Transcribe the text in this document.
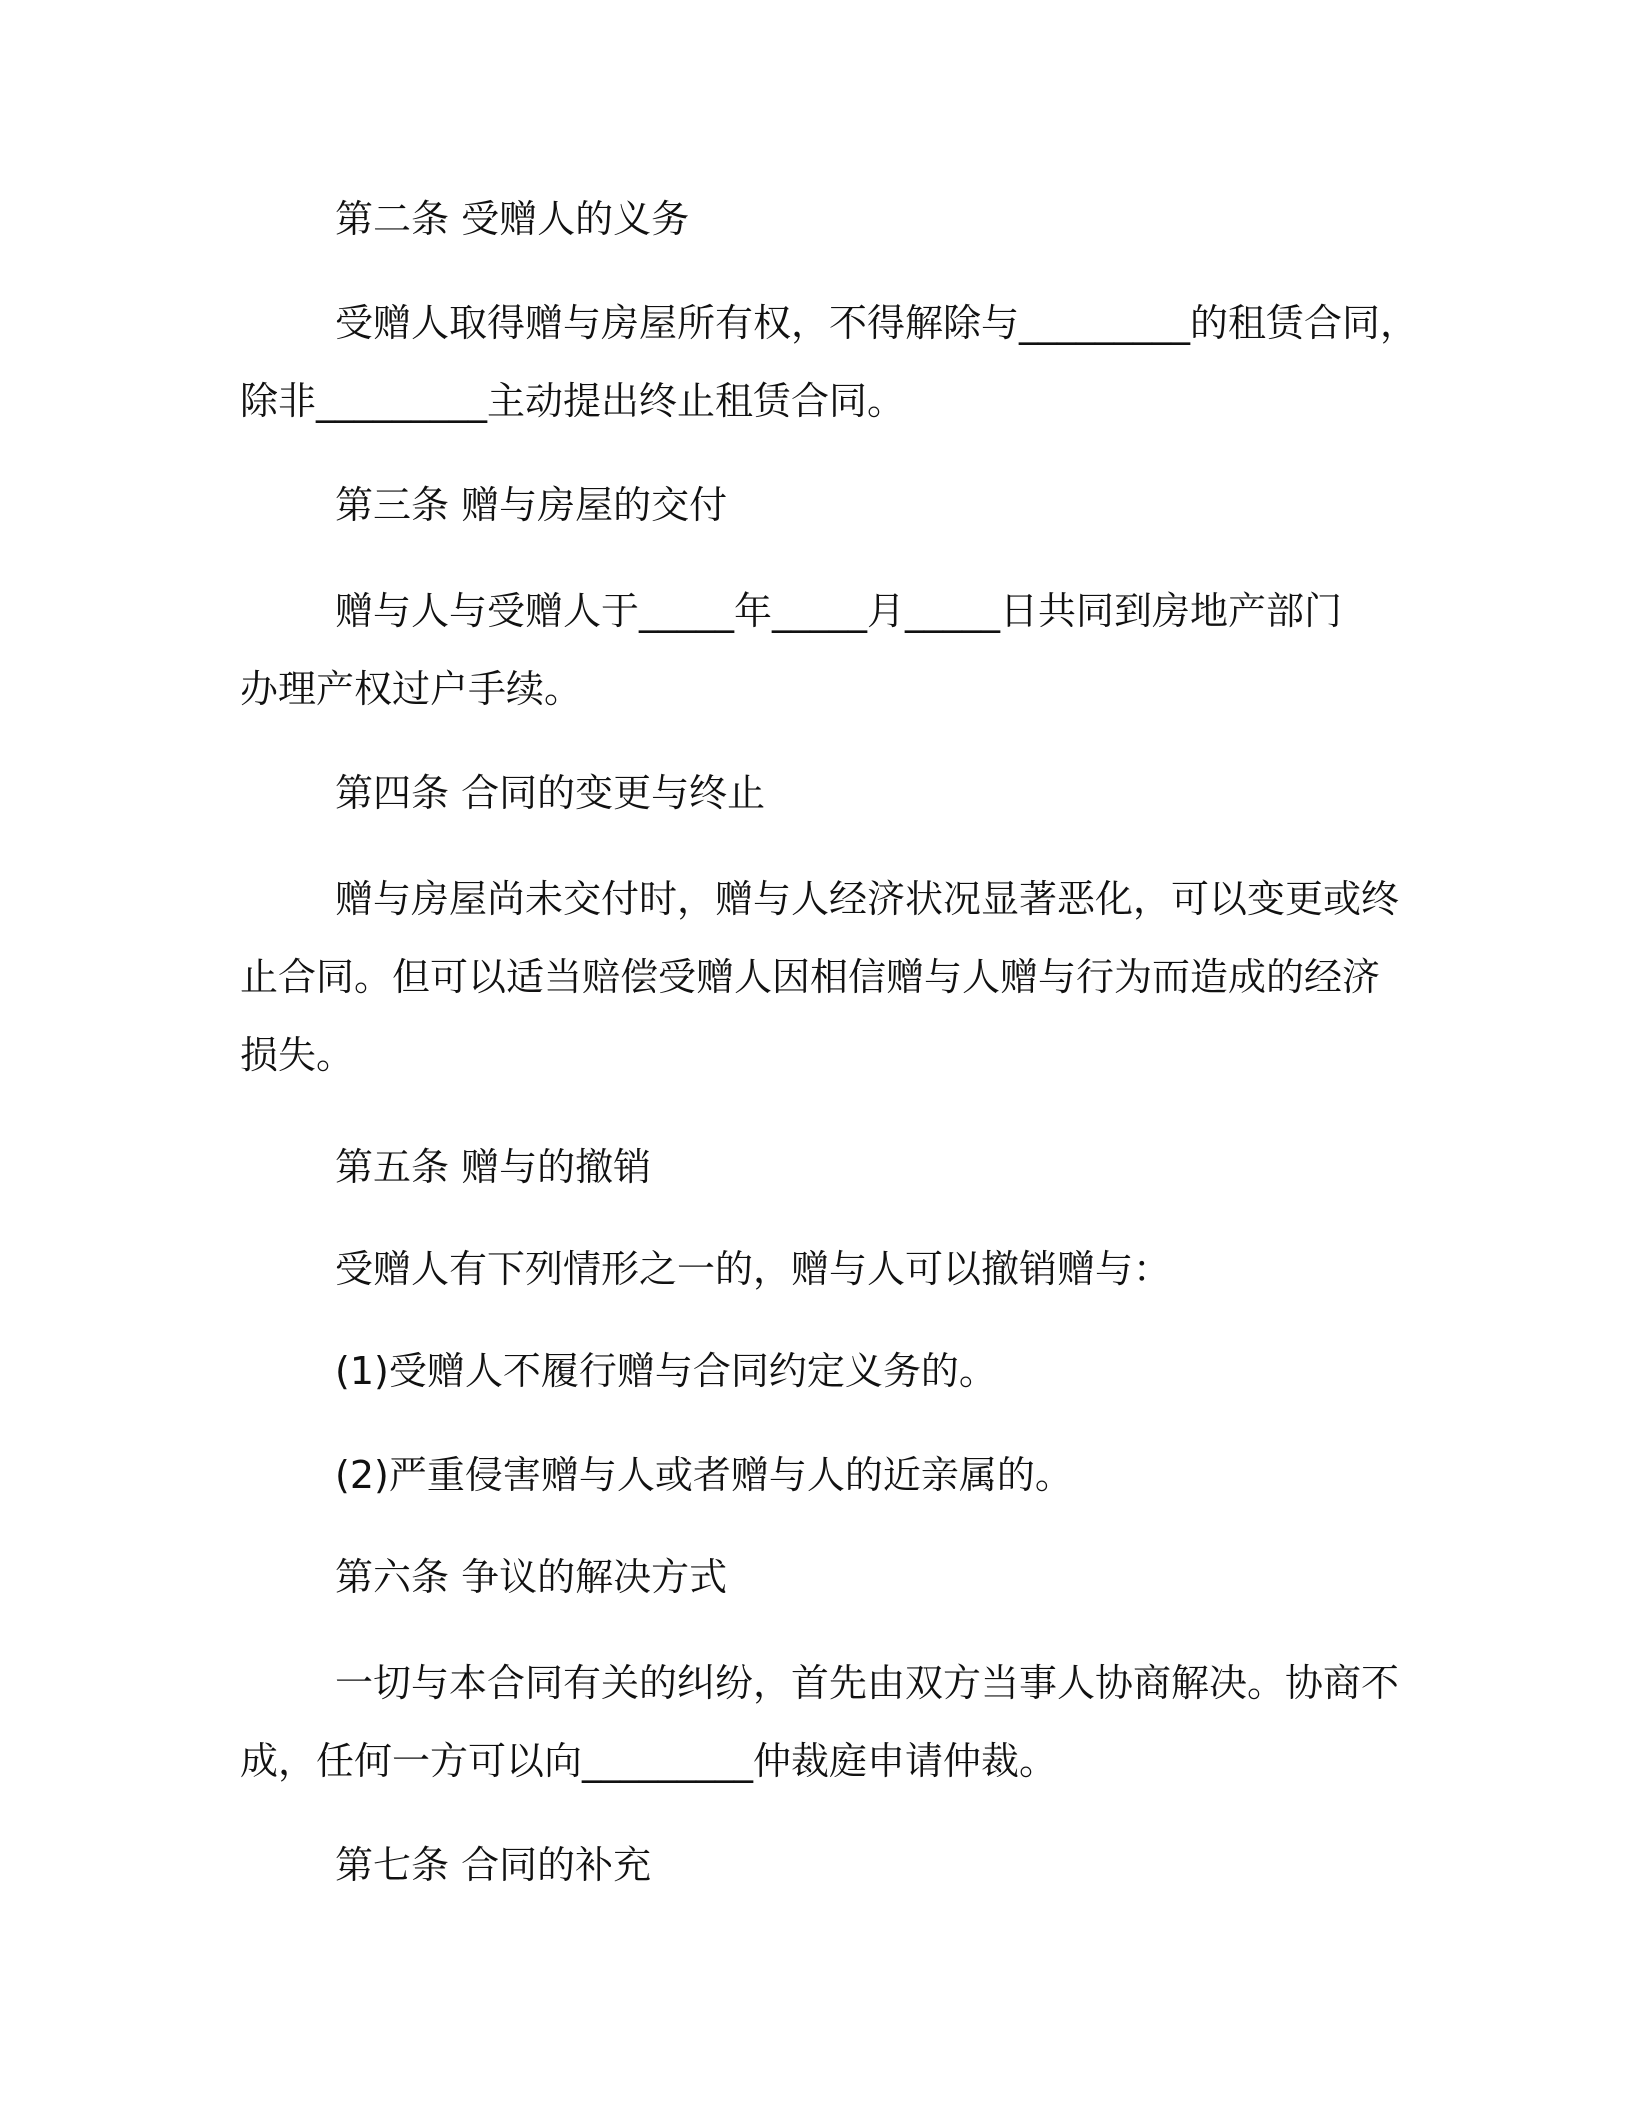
第二条 受赠人的义务

受赠人取得赠与房屋所有权，不得解除与_________的租赁合同，

除非_________主动提出终止租赁合同。

第三条 赠与房屋的交付

赠与人与受赠人于_____年_____月_____日共同到房地产部门

办理产权过户手续。

第四条 合同的变更与终止

赠与房屋尚未交付时，赠与人经济状况显著恶化，可以变更或终

止合同。但可以适当赔偿受赠人因相信赠与人赠与行为而造成的经济

损失。

第五条 赠与的撤销

受赠人有下列情形之一的，赠与人可以撤销赠与：

(1)受赠人不履行赠与合同约定义务的。

(2)严重侵害赠与人或者赠与人的近亲属的。

第六条 争议的解决方式

一切与本合同有关的纠纷，首先由双方当事人协商解决。协商不

成，任何一方可以向_________仲裁庭申请仲裁。

第七条 合同的补充
